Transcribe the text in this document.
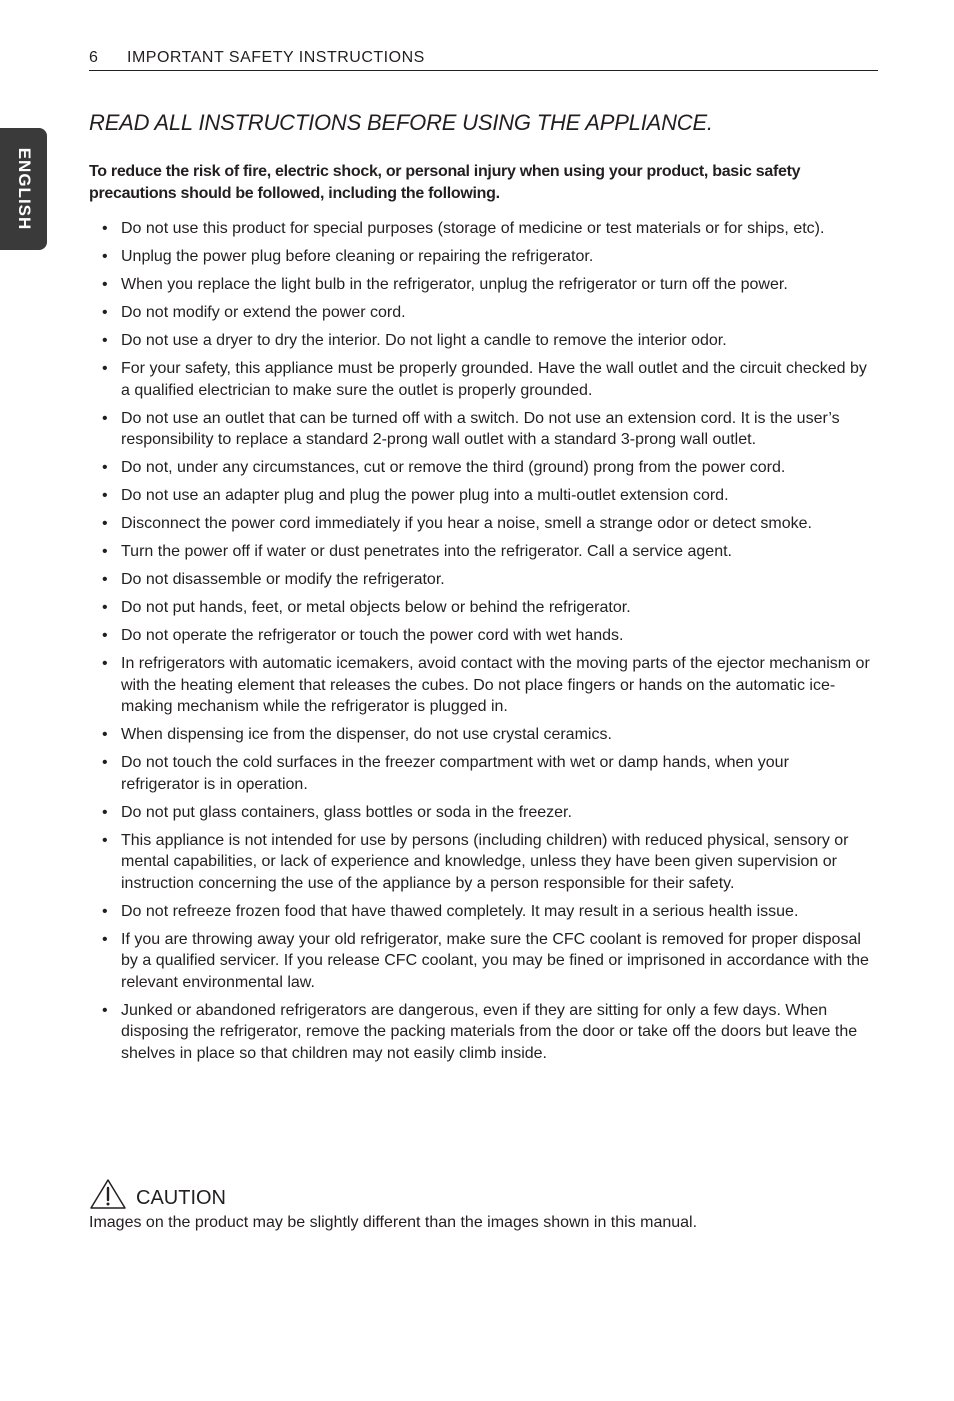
ENGLISH
6 IMPORTANT SAFETY INSTRUCTIONS
READ ALL INSTRUCTIONS BEFORE USING THE APPLIANCE.

To reduce the risk of fire, electric shock, or personal injury when using your product, basic safety precautions should be followed, including the following.

• Do not use this product for special purposes (storage of medicine or test materials or for ships, etc).
• Unplug the power plug before cleaning or repairing the refrigerator.
• When you replace the light bulb in the refrigerator, unplug the refrigerator or turn off the power.
• Do not modify or extend the power cord.
• Do not use a dryer to dry the interior. Do not light a candle to remove the interior odor.
• For your safety, this appliance must be properly grounded. Have the wall outlet and the circuit checked by a qualified electrician to make sure the outlet is properly grounded.
• Do not use an outlet that can be turned off with a switch. Do not use an extension cord. It is the user’s responsibility to replace a standard 2-prong wall outlet with a standard 3-prong wall outlet.
• Do not, under any circumstances, cut or remove the third (ground) prong from the power cord.
• Do not use an adapter plug and plug the power plug into a multi-outlet extension cord.
• Disconnect the power cord immediately if you hear a noise, smell a strange odor or detect smoke.
• Turn the power off if water or dust penetrates into the refrigerator. Call a service agent.
• Do not disassemble or modify the refrigerator.
• Do not put hands, feet, or metal objects below or behind the refrigerator.
• Do not operate the refrigerator or touch the power cord with wet hands.
• In refrigerators with automatic icemakers, avoid contact with the moving parts of the ejector mechanism or with the heating element that releases the cubes. Do not place fingers or hands on the automatic ice-making mechanism while the refrigerator is plugged in.
• When dispensing ice from the dispenser, do not use crystal ceramics.
• Do not touch the cold surfaces in the freezer compartment with wet or damp hands, when your refrigerator is in operation.
• Do not put glass containers, glass bottles or soda in the freezer.
• This appliance is not intended for use by persons (including children) with reduced physical, sensory or mental capabilities, or lack of experience and knowledge, unless they have been given supervision or instruction concerning the use of the appliance by a person responsible for their safety.
• Do not refreeze frozen food that have thawed completely. It may result in a serious health issue.
• If you are throwing away your old refrigerator, make sure the CFC coolant is removed for proper disposal by a qualified servicer. If you release CFC coolant, you may be fined or imprisoned in accordance with the relevant environmental law.
• Junked or abandoned refrigerators are dangerous, even if they are sitting for only a few days. When disposing the refrigerator, remove the packing materials from the door or take off the doors but leave the shelves in place so that children may not easily climb inside.
CAUTION

Images on the product may be slightly different than the images shown in this manual.
